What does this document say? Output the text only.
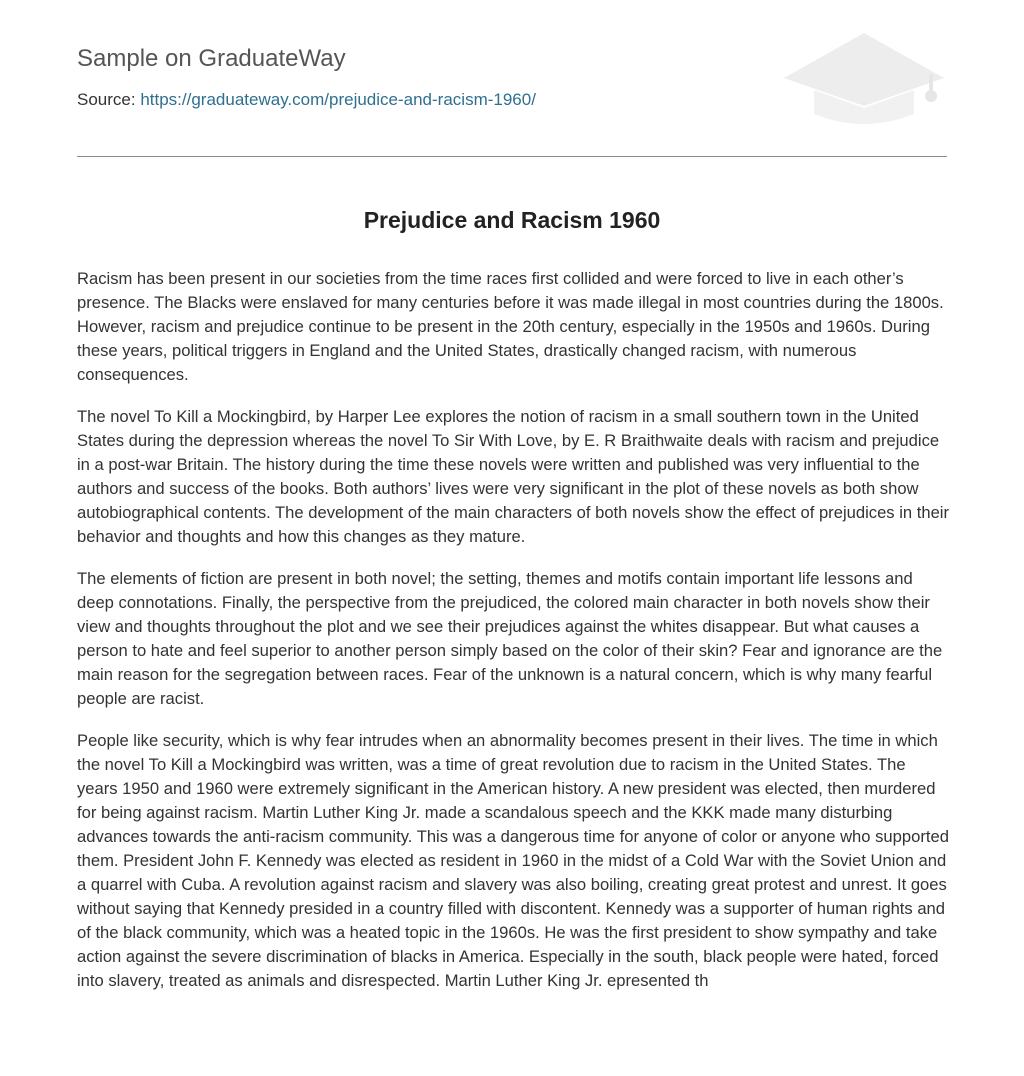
Sample on GraduateWay
Source: https://graduateway.com/prejudice-and-racism-1960/
Prejudice and Racism 1960

Racism has been present in our societies from the time races first collided and were forced to live in each other’s presence. The Blacks were enslaved for many centuries before it was made illegal in most countries during the 1800s. However, racism and prejudice continue to be present in the 20th century, especially in the 1950s and 1960s. During these years, political triggers in England and the United States, drastically changed racism, with numerous consequences.

The novel To Kill a Mockingbird, by Harper Lee explores the notion of racism in a small southern town in the United States during the depression whereas the novel To Sir With Love, by E. R Braithwaite deals with racism and prejudice in a post-war Britain. The history during the time these novels were written and published was very influential to the authors and success of the books. Both authors’ lives were very significant in the plot of these novels as both show autobiographical contents. The development of the main characters of both novels show the effect of prejudices in their behavior and thoughts and how this changes as they mature.

The elements of fiction are present in both novel; the setting, themes and motifs contain important life lessons and deep connotations. Finally, the perspective from the prejudiced, the colored main character in both novels show their view and thoughts throughout the plot and we see their prejudices against the whites disappear. But what causes a person to hate and feel superior to another person simply based on the color of their skin? Fear and ignorance are the main reason for the segregation between races. Fear of the unknown is a natural concern, which is why many fearful people are racist.

People like security, which is why fear intrudes when an abnormality becomes present in their lives. The time in which the novel To Kill a Mockingbird was written, was a time of great revolution due to racism in the United States. The years 1950 and 1960 were extremely significant in the American history. A new president was elected, then murdered for being against racism. Martin Luther King Jr. made a scandalous speech and the KKK made many disturbing advances towards the anti-racism community. This was a dangerous time for anyone of color or anyone who supported them. President John F. Kennedy was elected as resident in 1960 in the midst of a Cold War with the Soviet Union and a quarrel with Cuba. A revolution against racism and slavery was also boiling, creating great protest and unrest. It goes without saying that Kennedy presided in a country filled with discontent. Kennedy was a supporter of human rights and of the black community, which was a heated topic in the 1960s. He was the first president to show sympathy and take action against the severe discrimination of blacks in America. Especially in the south, black people were hated, forced into slavery, treated as animals and disrespected. Martin Luther King Jr. epresented th
